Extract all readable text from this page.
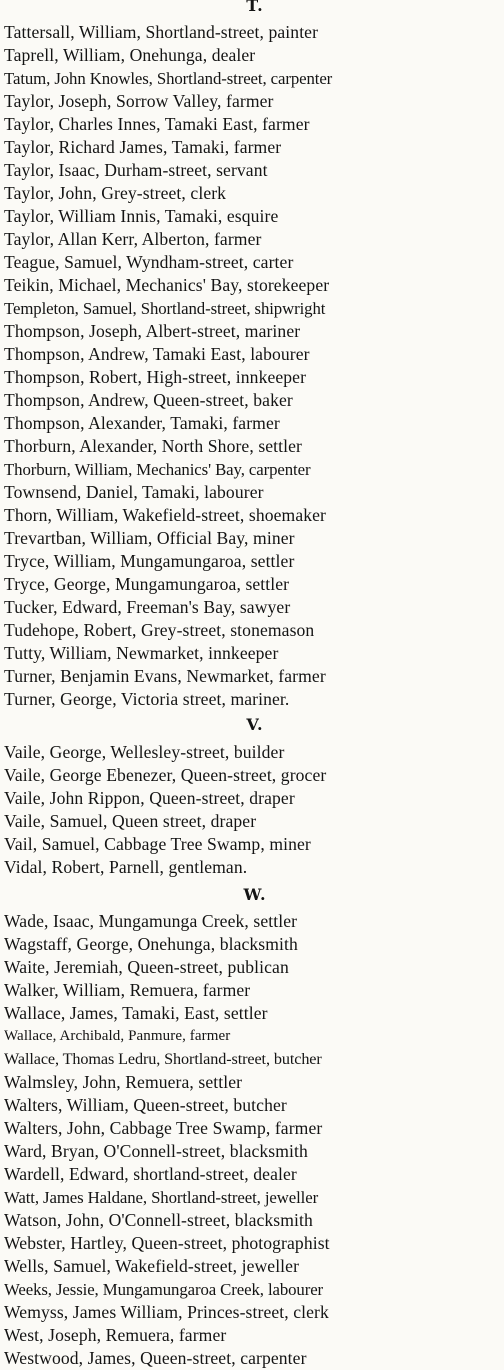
T.
Tattersall, William, Shortland-street, painter
Taprell, William, Onehunga, dealer
Tatum, John Knowles, Shortland-street, carpenter
Taylor, Joseph, Sorrow Valley, farmer
Taylor, Charles Innes, Tamaki East, farmer
Taylor, Richard James, Tamaki, farmer
Taylor, Isaac, Durham-street, servant
Taylor, John, Grey-street, clerk
Taylor, William Innis, Tamaki, esquire
Taylor, Allan Kerr, Alberton, farmer
Teague, Samuel, Wyndham-street, carter
Teikin, Michael, Mechanics' Bay, storekeeper
Templeton, Samuel, Shortland-street, shipwright
Thompson, Joseph, Albert-street, mariner
Thompson, Andrew, Tamaki East, labourer
Thompson, Robert, High-street, innkeeper
Thompson, Andrew, Queen-street, baker
Thompson, Alexander, Tamaki, farmer
Thorburn, Alexander, North Shore, settler
Thorburn, William, Mechanics' Bay, carpenter
Townsend, Daniel, Tamaki, labourer
Thorn, William, Wakefield-street, shoemaker
Trevartban, William, Official Bay, miner
Tryce, William, Mungamungaroa, settler
Tryce, George, Mungamungaroa, settler
Tucker, Edward, Freeman's Bay, sawyer
Tudehope, Robert, Grey-street, stonemason
Tutty, William, Newmarket, innkeeper
Turner, Benjamin Evans, Newmarket, farmer
Turner, George, Victoria street, mariner.
V.
Vaile, George, Wellesley-street, builder
Vaile, George Ebenezer, Queen-street, grocer
Vaile, John Rippon, Queen-street, draper
Vaile, Samuel, Queen street, draper
Vail, Samuel, Cabbage Tree Swamp, miner
Vidal, Robert, Parnell, gentleman.
W.
Wade, Isaac, Mungamunga Creek, settler
Wagstaff, George, Onehunga, blacksmith
Waite, Jeremiah, Queen-street, publican
Walker, William, Remuera, farmer
Wallace, James, Tamaki, East, settler
Wallace, Archibald, Panmure, farmer
Wallace, Thomas Ledru, Shortland-street, butcher
Walmsley, John, Remuera, settler
Walters, William, Queen-street, butcher
Walters, John, Cabbage Tree Swamp, farmer
Ward, Bryan, O'Connell-street, blacksmith
Wardell, Edward, shortland-street, dealer
Watt, James Haldane, Shortland-street, jeweller
Watson, John, O'Connell-street, blacksmith
Webster, Hartley, Queen-street, photographist
Wells, Samuel, Wakefield-street, jeweller
Weeks, Jessie, Mungamungaroa Creek, labourer
Wemyss, James William, Princes-street, clerk
West, Joseph, Remuera, farmer
Westwood, James, Queen-street, carpenter
